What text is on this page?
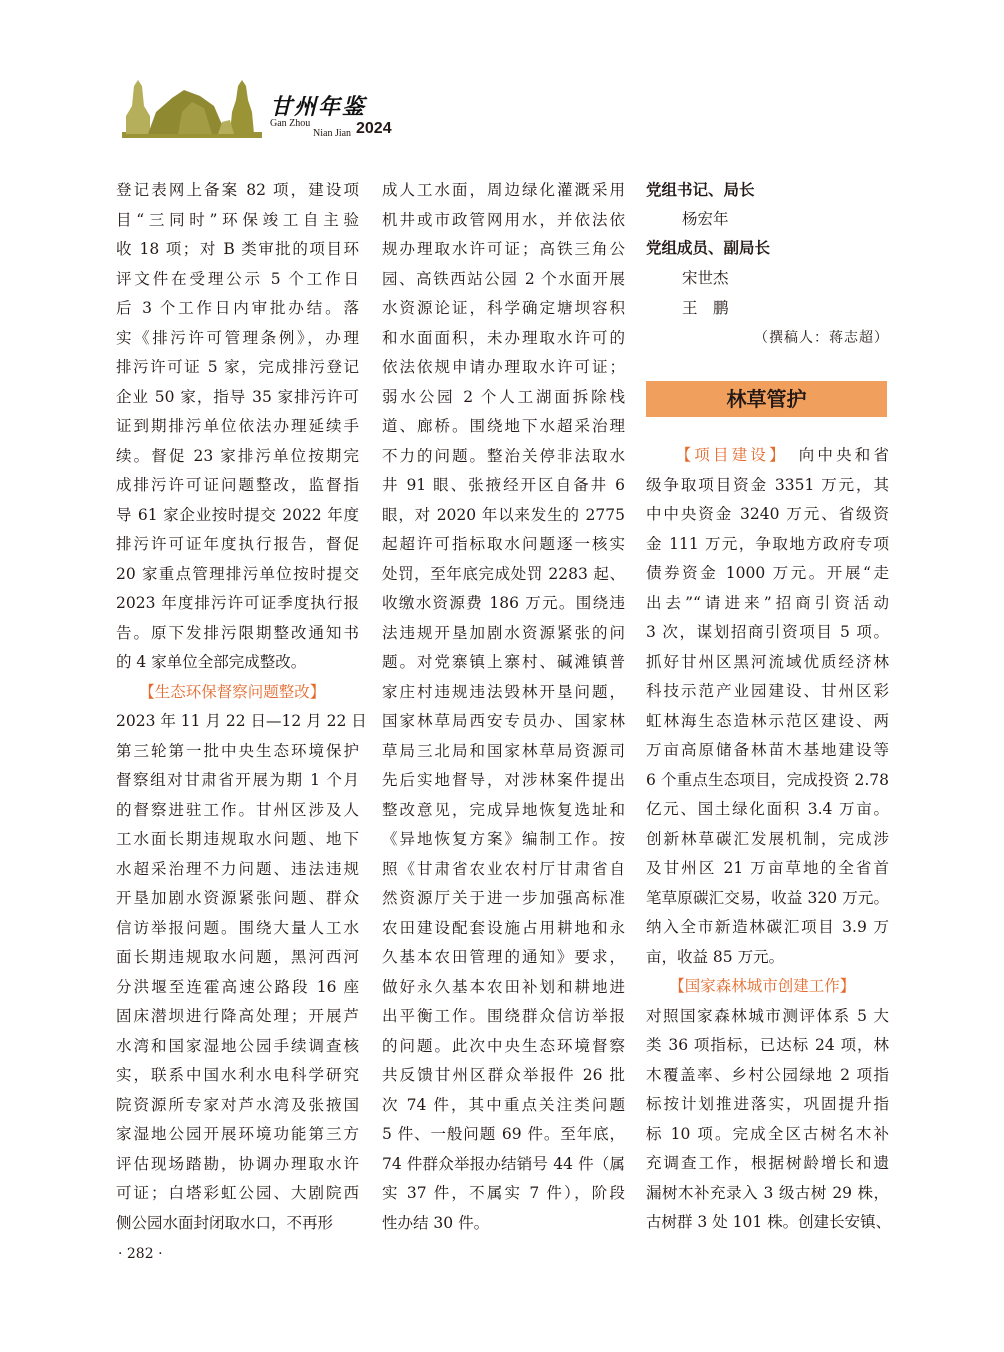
甘州年鉴
Gan Zhou
Nian Jian 2024
登记表网上备案 82 项，建设项
目“三同时”环保竣工自主验
收 18 项；对 B 类审批的项目环
评文件在受理公示 5 个工作日
后 3 个工作日内审批办结。落
实《排污许可管理条例》，办理
排污许可证 5 家，完成排污登记
企业 50 家，指导 35 家排污许可
证到期排污单位依法办理延续手
续。督促 23 家排污单位按期完
成排污许可证问题整改，监督指
导 61 家企业按时提交 2022 年度
排污许可证年度执行报告，督促
20 家重点管理排污单位按时提交
2023 年度排污许可证季度执行报
告。原下发排污限期整改通知书
的 4 家单位全部完成整改。
　　【生态环保督察问题整改】
2023 年 11 月 22 日—12 月 22 日
第三轮第一批中央生态环境保护
督察组对甘肃省开展为期 1 个月
的督察进驻工作。甘州区涉及人
工水面长期违规取水问题、地下
水超采治理不力问题、违法违规
开垦加剧水资源紧张问题、群众
信访举报问题。围绕大量人工水
面长期违规取水问题，黑河西河
分洪堰至连霍高速公路段 16 座
固床潜坝进行降高处理；开展芦
水湾和国家湿地公园手续调查核
实，联系中国水利水电科学研究
院资源所专家对芦水湾及张掖国
家湿地公园开展环境功能第三方
评估现场踏勘，协调办理取水许
可证；白塔彩虹公园、大剧院西
侧公园水面封闭取水口，不再形
成人工水面，周边绿化灌溉采用
机井或市政管网用水，并依法依
规办理取水许可证；高铁三角公
园、高铁西站公园 2 个水面开展
水资源论证，科学确定塘坝容积
和水面面积，未办理取水许可的
依法依规申请办理取水许可证；
弱水公园 2 个人工湖面拆除栈
道、廊桥。围绕地下水超采治理
不力的问题。整治关停非法取水
井 91 眼、张掖经开区自备井 6
眼，对 2020 年以来发生的 2775
起超许可指标取水问题逐一核实
处罚，至年底完成处罚 2283 起、
收缴水资源费 186 万元。围绕违
法违规开垦加剧水资源紧张的问
题。对党寨镇上寨村、碱滩镇普
家庄村违规违法毁林开垦问题，
国家林草局西安专员办、国家林
草局三北局和国家林草局资源司
先后实地督导，对涉林案件提出
整改意见，完成异地恢复选址和
《异地恢复方案》编制工作。按
照《甘肃省农业农村厅甘肃省自
然资源厅关于进一步加强高标准
农田建设配套设施占用耕地和永
久基本农田管理的通知》要求，
做好永久基本农田补划和耕地进
出平衡工作。围绕群众信访举报
的问题。此次中央生态环境督察
共反馈甘州区群众举报件 26 批
次 74 件，其中重点关注类问题
5 件、一般问题 69 件。至年底，
74 件群众举报办结销号 44 件（属
实 37 件，不属实 7 件），阶段
性办结 30 件。
党组书记、局长
杨宏年
党组成员、副局长
宋世杰
王　鹏
（撰稿人：蒋志超）
　　【项目建设】　向中央和省
级争取项目资金 3351 万元，其
中中央资金 3240 万元、省级资
金 111 万元，争取地方政府专项
债券资金 1000 万元。开展“走
出去”“请进来”招商引资活动
3 次，谋划招商引资项目 5 项。
抓好甘州区黑河流域优质经济林
科技示范产业园建设、甘州区彩
虹林海生态造林示范区建设、两
万亩高原储备林苗木基地建设等
6 个重点生态项目，完成投资 2.78
亿元、国土绿化面积 3.4 万亩。
创新林草碳汇发展机制，完成涉
及甘州区 21 万亩草地的全省首
笔草原碳汇交易，收益 320 万元。
纳入全市新造林碳汇项目 3.9 万
亩，收益 85 万元。
　　【国家森林城市创建工作】
对照国家森林城市测评体系 5 大
类 36 项指标，已达标 24 项，林
木覆盖率、乡村公园绿地 2 项指
标按计划推进落实，巩固提升指
标 10 项。完成全区古树名木补
充调查工作，根据树龄增长和遗
漏树木补充录入 3 级古树 29 株，
古树群 3 处 101 株。创建长安镇、
林草管护
· 282 ·
